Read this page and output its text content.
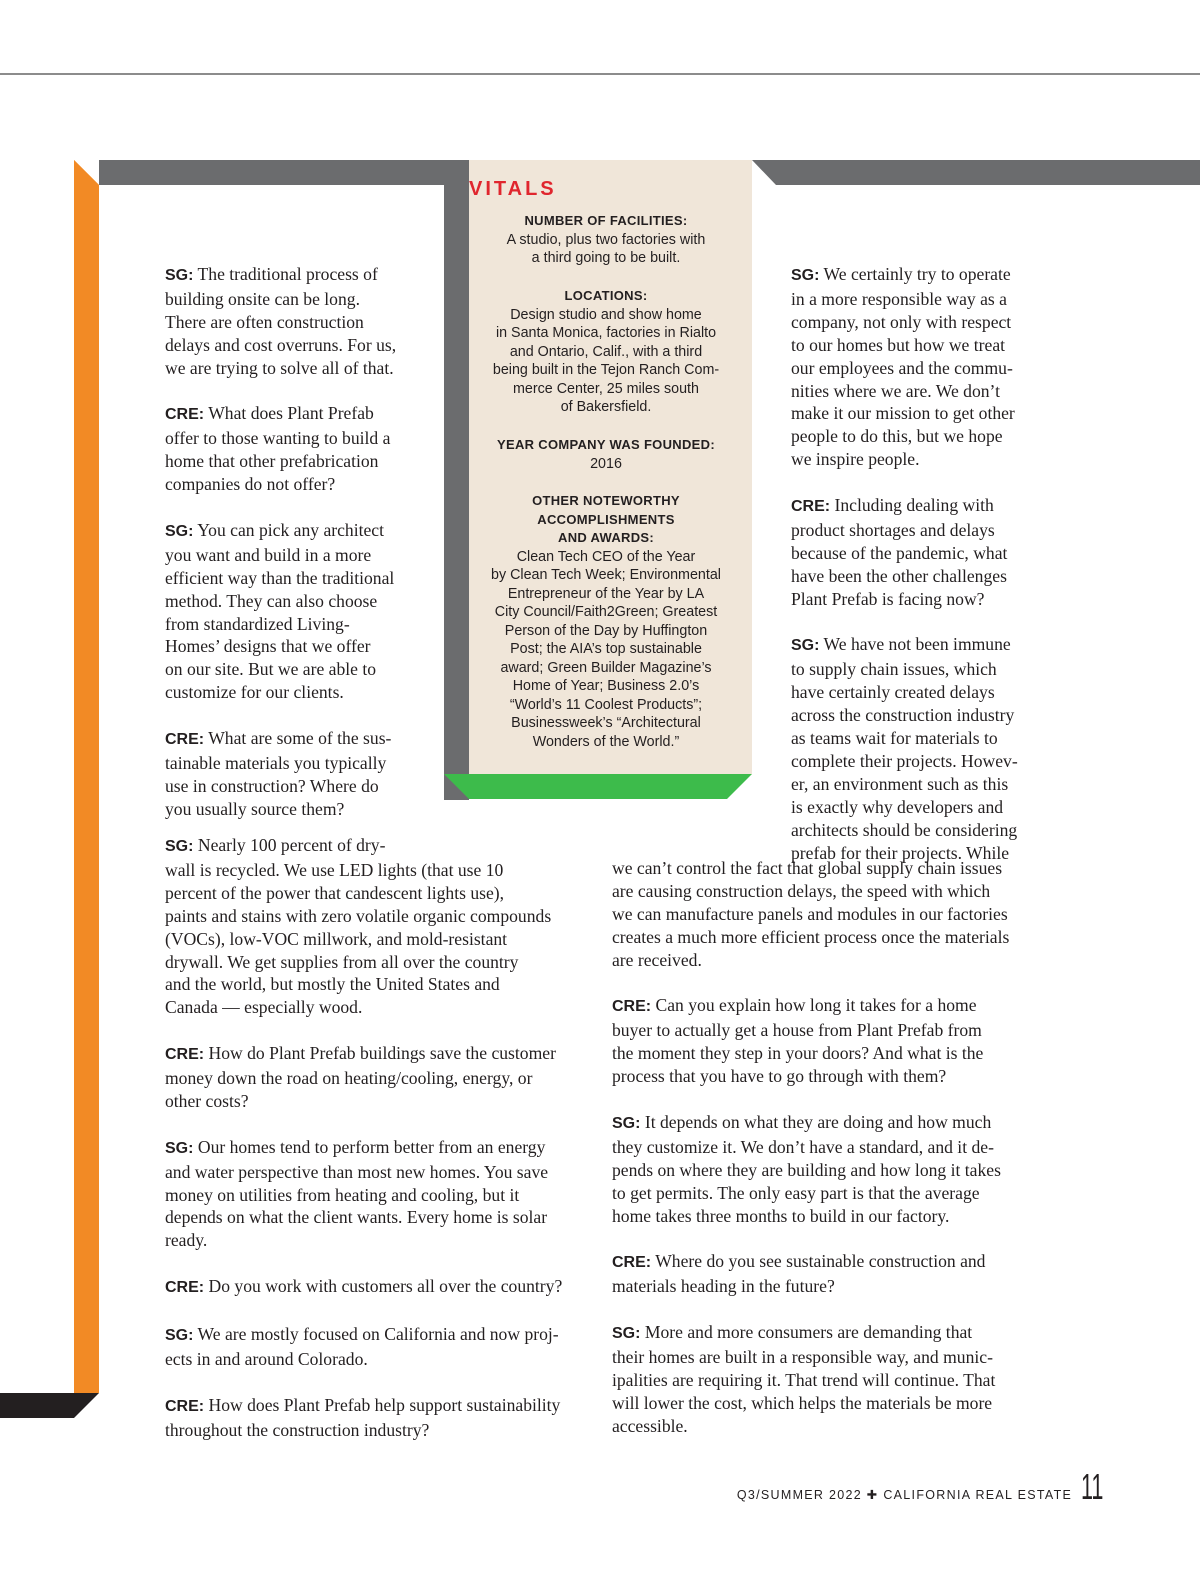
VITALS
NUMBER OF FACILITIES:
A studio, plus two factories with
a third going to be built.
LOCATIONS:
Design studio and show home
in Santa Monica, factories in Rialto
and Ontario, Calif., with a third
being built in the Tejon Ranch Com-
merce Center, 25 miles south
of Bakersfield.
YEAR COMPANY WAS FOUNDED:
2016
OTHER NOTEWORTHY
ACCOMPLISHMENTS
AND AWARDS:
Clean Tech CEO of the Year
by Clean Tech Week; Environmental
Entrepreneur of the Year by LA
City Council/Faith2Green; Greatest
Person of the Day by Huffington
Post; the AIA’s top sustainable
award; Green Builder Magazine’s
Home of Year; Business 2.0’s
“World’s 11 Coolest Products”;
Businessweek’s “Architectural
Wonders of the World.”

SG: The traditional process of
building onsite can be long.
There are often construction
delays and cost overruns. For us,
we are trying to solve all of that.

CRE: What does Plant Prefab
offer to those wanting to build a
home that other prefabrication
companies do not offer?

SG: You can pick any architect
you want and build in a more
efficient way than the traditional
method. They can also choose
from standardized Living-
Homes’ designs that we offer
on our site. But we are able to
customize for our clients.

CRE: What are some of the sus-
tainable materials you typically
use in construction? Where do
you usually source them?

SG: Nearly 100 percent of dry-
wall is recycled. We use LED lights (that use 10
percent of the power that candescent lights use),
paints and stains with zero volatile organic compounds
(VOCs), low-VOC millwork, and mold-resistant
drywall. We get supplies from all over the country
and the world, but mostly the United States and
Canada — especially wood.

CRE: How do Plant Prefab buildings save the customer
money down the road on heating/cooling, energy, or
other costs?

SG: Our homes tend to perform better from an energy
and water perspective than most new homes. You save
money on utilities from heating and cooling, but it
depends on what the client wants. Every home is solar
ready.

CRE: Do you work with customers all over the country?

SG: We are mostly focused on California and now proj-
ects in and around Colorado.

CRE: How does Plant Prefab help support sustainability
throughout the construction industry?

SG: We certainly try to operate
in a more responsible way as a
company, not only with respect
to our homes but how we treat
our employees and the commu-
nities where we are. We don’t
make it our mission to get other
people to do this, but we hope
we inspire people.

CRE: Including dealing with
product shortages and delays
because of the pandemic, what
have been the other challenges
Plant Prefab is facing now?

SG: We have not been immune
to supply chain issues, which
have certainly created delays
across the construction industry
as teams wait for materials to
complete their projects. Howev-
er, an environment such as this
is exactly why developers and
architects should be considering
prefab for their projects. While

we can’t control the fact that global supply chain issues
are causing construction delays, the speed with which
we can manufacture panels and modules in our factories
creates a much more efficient process once the materials
are received.

CRE: Can you explain how long it takes for a home
buyer to actually get a house from Plant Prefab from
the moment they step in your doors? And what is the
process that you have to go through with them?

SG: It depends on what they are doing and how much
they customize it. We don’t have a standard, and it de-
pends on where they are building and how long it takes
to get permits. The only easy part is that the average
home takes three months to build in our factory.

CRE: Where do you see sustainable construction and
materials heading in the future?

SG: More and more consumers are demanding that
their homes are built in a responsible way, and munic-
ipalities are requiring it. That trend will continue. That
will lower the cost, which helps the materials be more
accessible.

Q3/SUMMER 2022 ✚ CALIFORNIA REAL ESTATE 11
